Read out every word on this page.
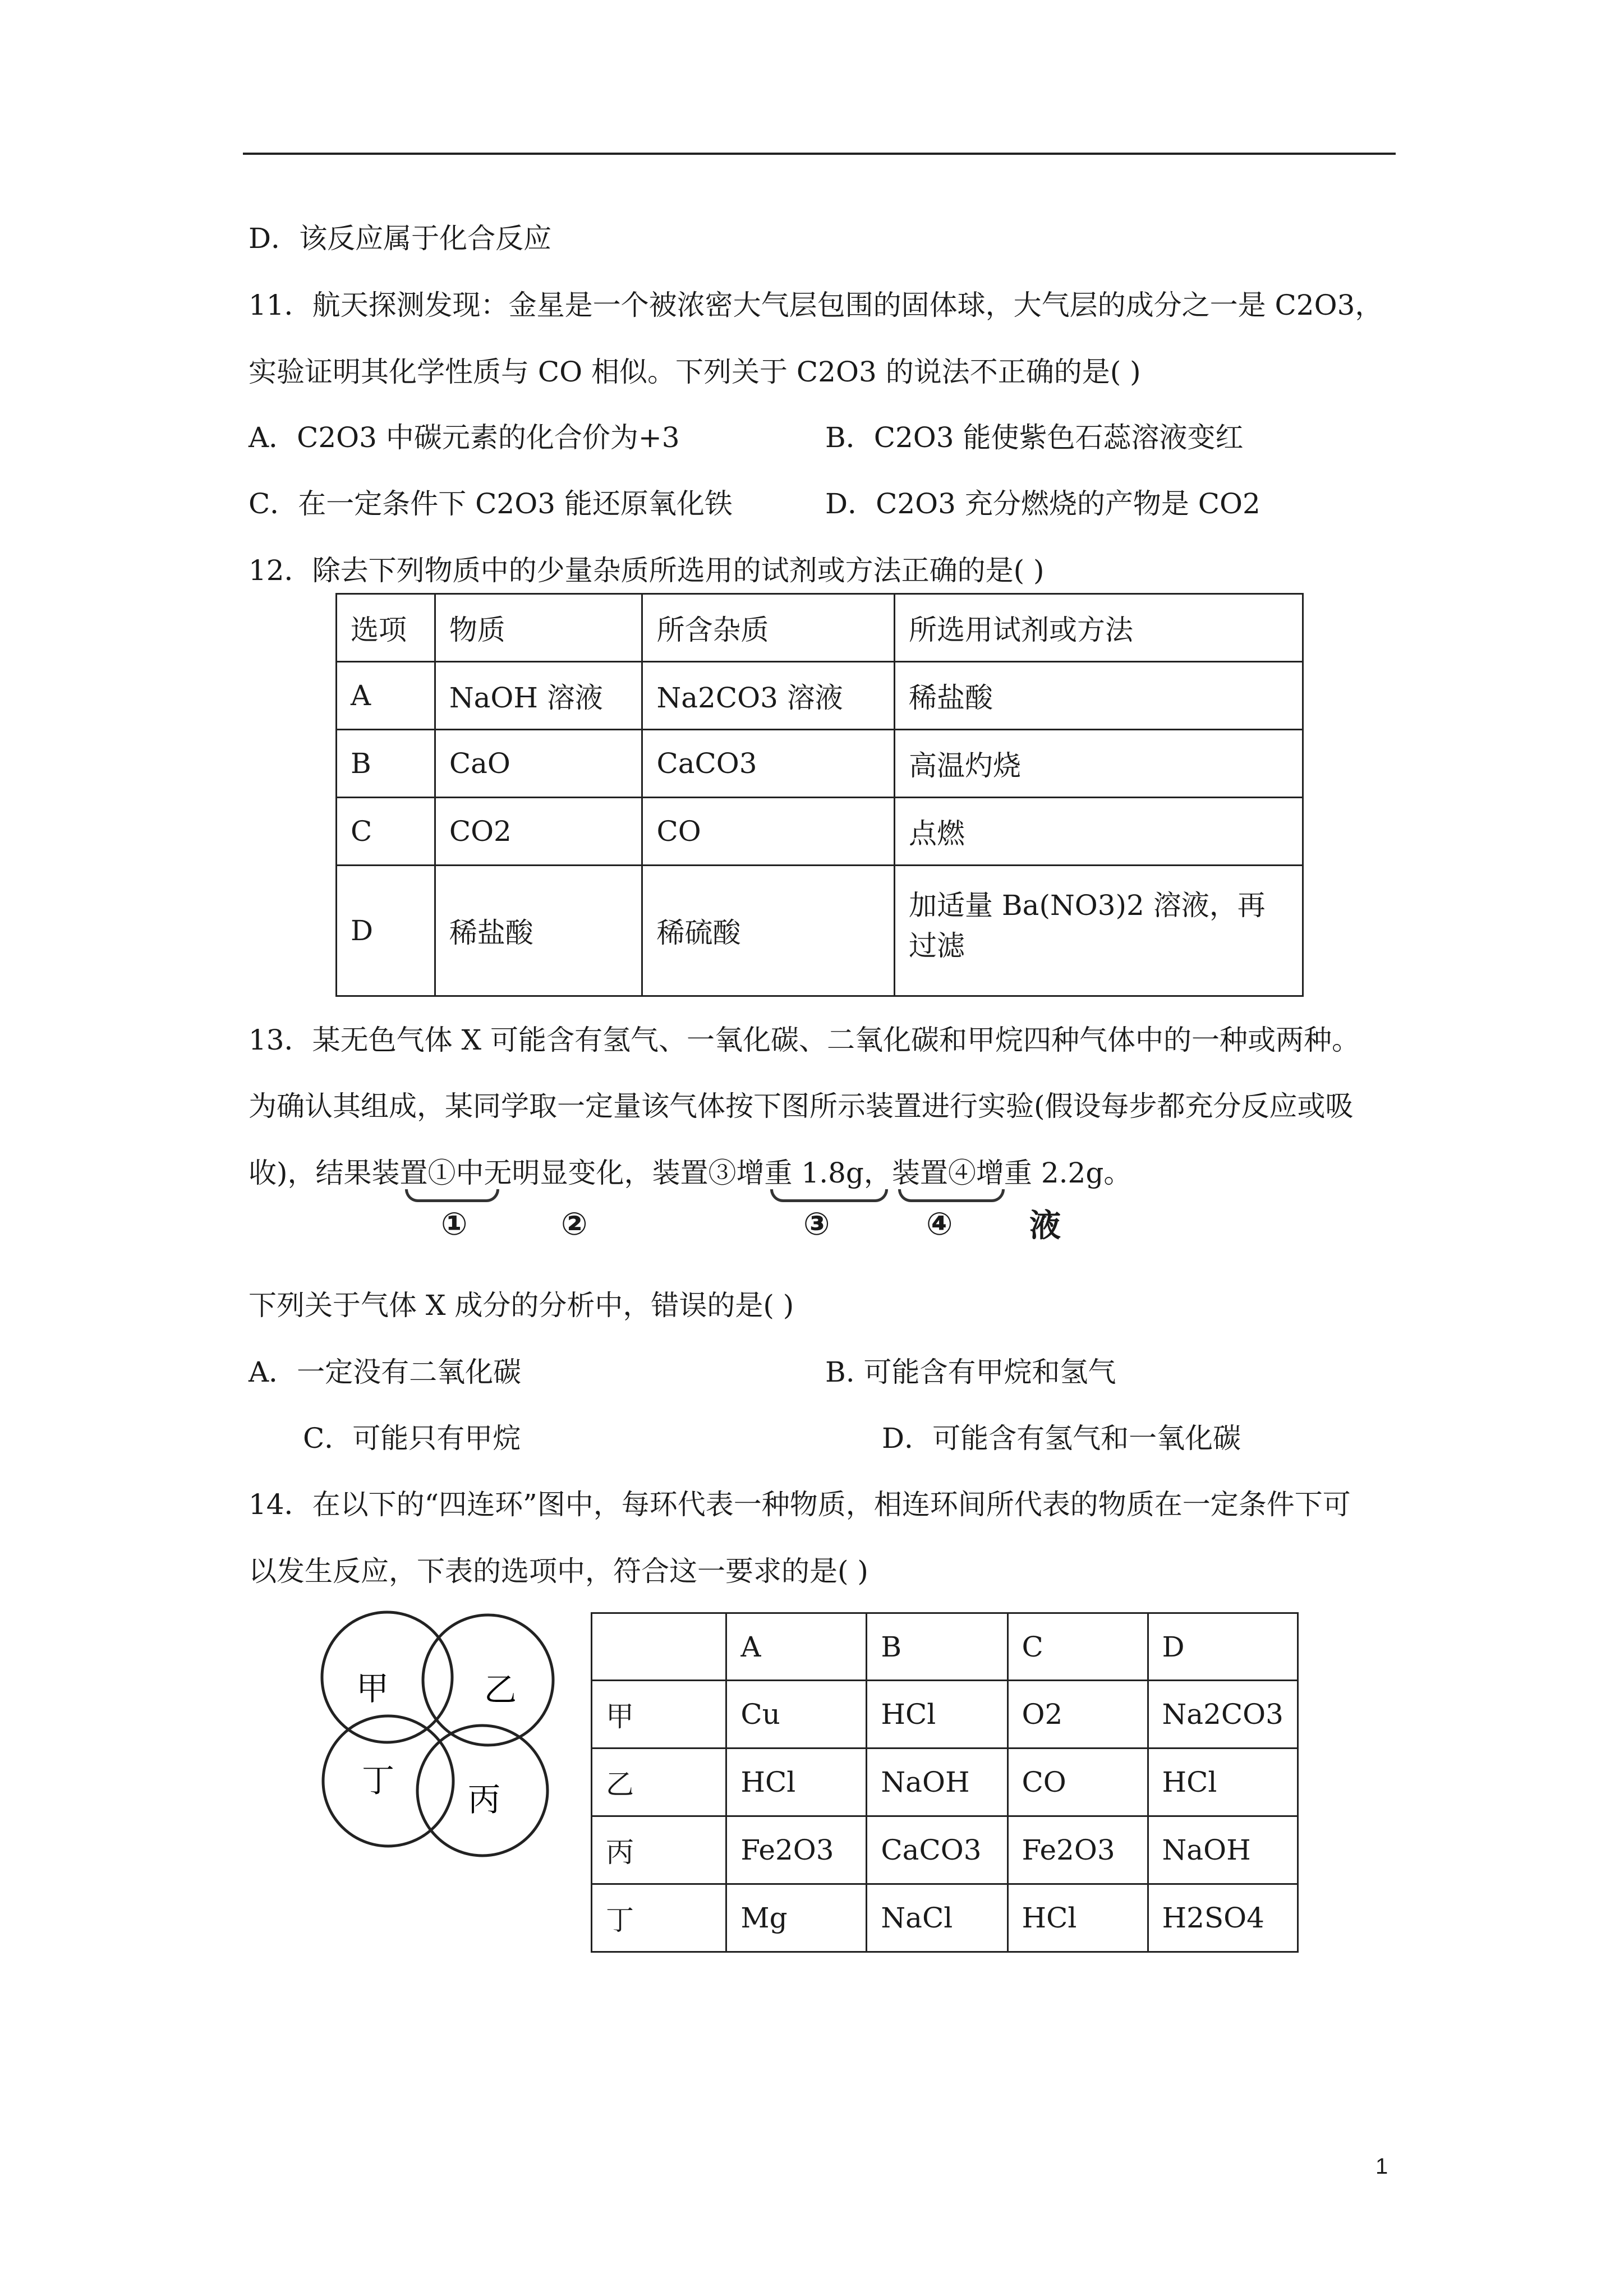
D．该反应属于化合反应
11．航天探测发现：金星是一个被浓密大气层包围的固体球，大气层的成分之一是 C2O3，
实验证明其化学性质与 CO 相似。下列关于 C2O3 的说法不正确的是( )
A．C2O3 中碳元素的化合价为+3	B．C2O3 能使紫色石蕊溶液变红
C．在一定条件下 C2O3 能还原氧化铁	D．C2O3 充分燃烧的产物是 CO2
12．除去下列物质中的少量杂质所选用的试剂或方法正确的是( )
选项	物质	所含杂质	所选用试剂或方法
A	NaOH 溶液	Na2CO3 溶液	稀盐酸
B	CaO	CaCO3	高温灼烧
C	CO2	CO	点燃
D	稀盐酸	稀硫酸	加适量 Ba(NO3)2 溶液，再过滤
13．某无色气体 X 可能含有氢气、一氧化碳、二氧化碳和甲烷四种气体中的一种或两种。
为确认其组成，某同学取一定量该气体按下图所示装置进行实验(假设每步都充分反应或吸
收)，结果装置①中无明显变化，装置③增重 1.8g，装置④增重 2.2g。
①	②	③	④ 液
下列关于气体 X 成分的分析中，错误的是( )
A．一定没有二氧化碳	B. 可能含有甲烷和氢气
C．可能只有甲烷	D．可能含有氢气和一氧化碳
14．在以下的“四连环”图中，每环代表一种物质，相连环间所代表的物质在一定条件下可
以发生反应，下表的选项中，符合这一要求的是( )
甲	乙
丁 丙
	A	B	C	D
甲	Cu	HCl	O2	Na2CO3
乙	HCl	NaOH	CO	HCl
丙	Fe2O3	CaCO3	Fe2O3	NaOH
丁	Mg	NaCl	HCl	H2SO4
1
